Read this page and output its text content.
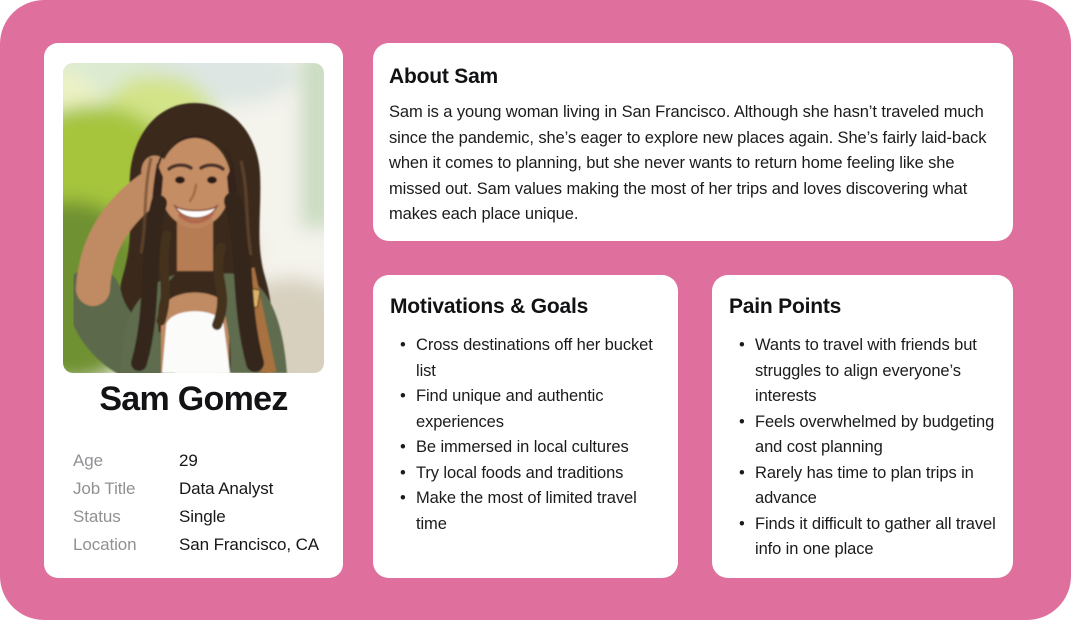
Sam Gomez
Age	29
Job Title	Data Analyst
Status	Single
Location	San Francisco, CA
About Sam

Sam is a young woman living in San Francisco. Although she hasn’t traveled much since the pandemic, she’s eager to explore new places again. She’s fairly laid-back when it comes to planning, but she never wants to return home feeling like she missed out. Sam values making the most of her trips and loves discovering what makes each place unique.

Motivations & Goals
• Cross destinations off her bucket list
• Find unique and authentic experiences
• Be immersed in local cultures
• Try local foods and traditions
• Make the most of limited travel time
Pain Points
• Wants to travel with friends but struggles to align everyone’s interests
• Feels overwhelmed by budgeting and cost planning
• Rarely has time to plan trips in advance
• Finds it difficult to gather all travel info in one place
